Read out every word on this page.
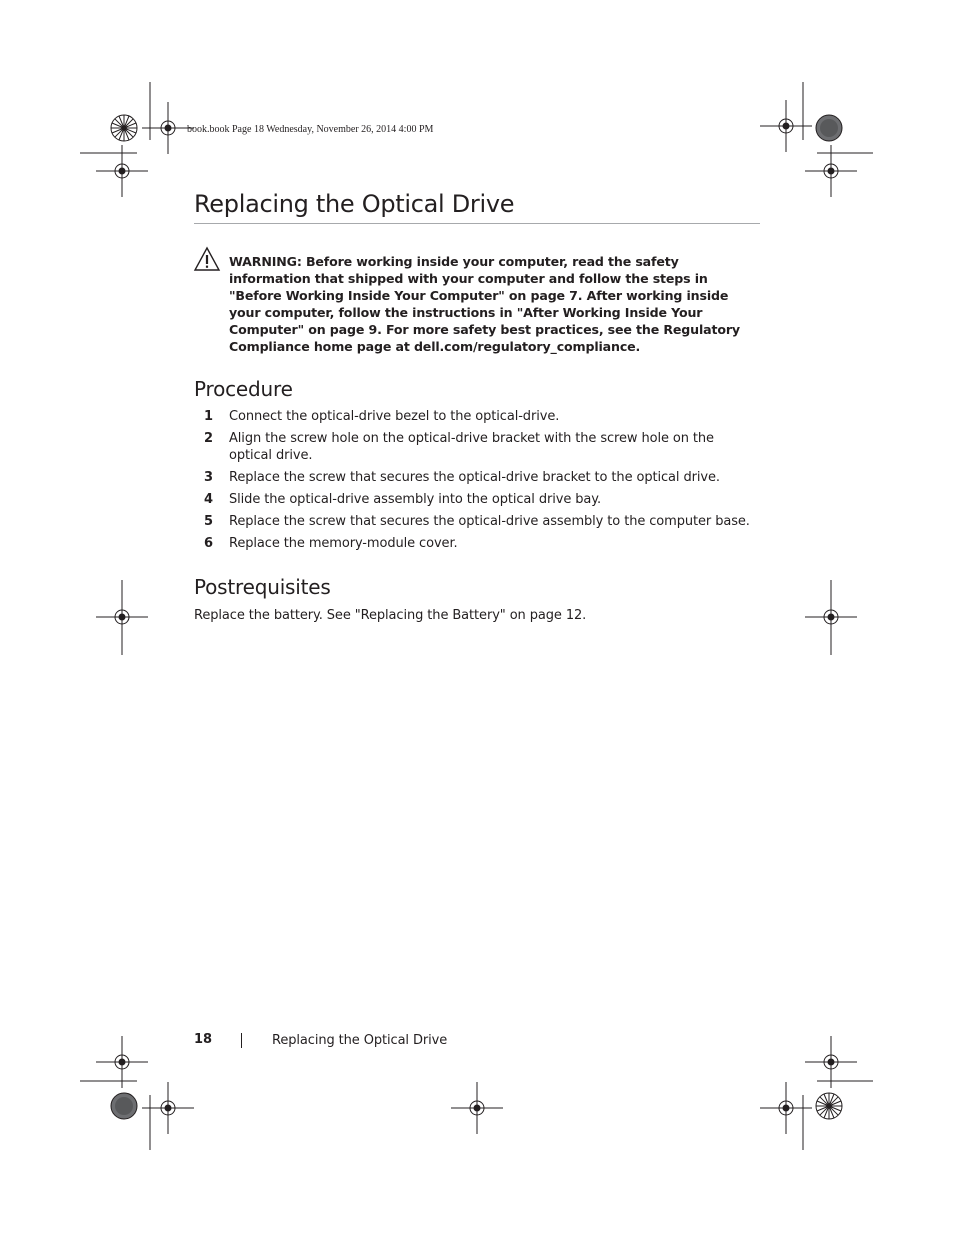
book.book Page 18 Wednesday, November 26, 2014 4:00 PM
Replacing the Optical Drive
WARNING: Before working inside your computer, read the safety information that shipped with your computer and follow the steps in "Before Working Inside Your Computer" on page 7. After working inside your computer, follow the instructions in "After Working Inside Your Computer" on page 9. For more safety best practices, see the Regulatory Compliance home page at dell.com/regulatory_compliance.
Procedure
1 Connect the optical-drive bezel to the optical-drive.
2 Align the screw hole on the optical-drive bracket with the screw hole on the optical drive.
3 Replace the screw that secures the optical-drive bracket to the optical drive.
4 Slide the optical-drive assembly into the optical drive bay.
5 Replace the screw that secures the optical-drive assembly to the computer base.
6 Replace the memory-module cover.
Postrequisites
Replace the battery. See "Replacing the Battery" on page 12.
18	Replacing the Optical Drive
